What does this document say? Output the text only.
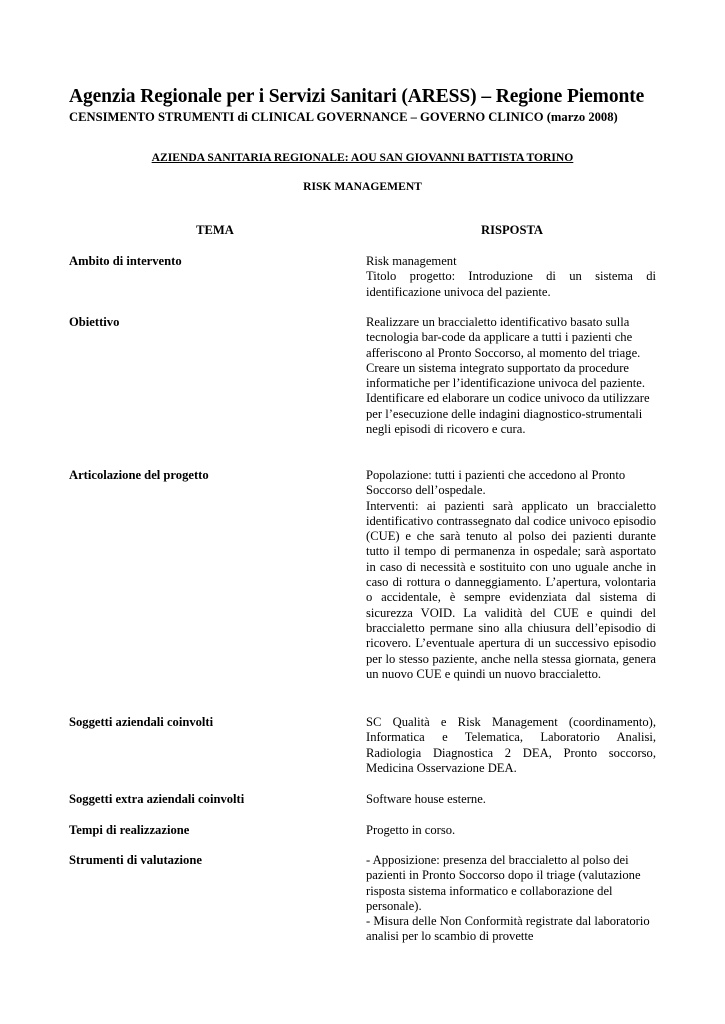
Agenzia Regionale per i Servizi Sanitari (ARESS) – Regione Piemonte
CENSIMENTO STRUMENTI di CLINICAL GOVERNANCE – GOVERNO CLINICO (marzo 2008)
AZIENDA SANITARIA REGIONALE: AOU SAN GIOVANNI BATTISTA TORINO
RISK MANAGEMENT
TEMA	RISPOSTA
Ambito di intervento	Risk management

Titolo progetto: Introduzione di un sistema di identificazione univoca del paziente.

Obiettivo	Realizzare un braccialetto identificativo basato sulla tecnologia bar-code da applicare a tutti i pazienti che afferiscono al Pronto Soccorso, al momento del triage. Creare un sistema integrato supportato da procedure informatiche per l’identificazione univoca del paziente.

Identificare ed elaborare un codice univoco da utilizzare per l’esecuzione delle indagini diagnostico-strumentali negli episodi di ricovero e cura.

Articolazione del progetto	Popolazione: tutti i pazienti che accedono al Pronto Soccorso dell’ospedale.

Interventi: ai pazienti sarà applicato un braccialetto identificativo contrassegnato dal codice univoco episodio (CUE) e che sarà tenuto al polso dei pazienti durante tutto il tempo di permanenza in ospedale; sarà asportato in caso di necessità e sostituito con uno uguale anche in caso di rottura o danneggiamento. L’apertura, volontaria o accidentale, è sempre evidenziata dal sistema di sicurezza VOID. La validità del CUE e quindi del braccialetto permane sino alla chiusura dell’episodio di ricovero. L’eventuale apertura di un successivo episodio per lo stesso paziente, anche nella stessa giornata, genera un nuovo CUE e quindi un nuovo braccialetto.

Soggetti aziendali coinvolti	SC Qualità e Risk Management (coordinamento), Informatica e Telematica, Laboratorio Analisi, Radiologia Diagnostica 2 DEA, Pronto soccorso, Medicina Osservazione DEA.

Soggetti extra aziendali coinvolti	Software house esterne.

Tempi di realizzazione	Progetto in corso.

Strumenti di valutazione	- Apposizione: presenza del braccialetto al polso dei pazienti in Pronto Soccorso dopo il triage (valutazione risposta sistema informatico e collaborazione del personale).

- Misura delle Non Conformità registrate dal laboratorio analisi per lo scambio di provette
